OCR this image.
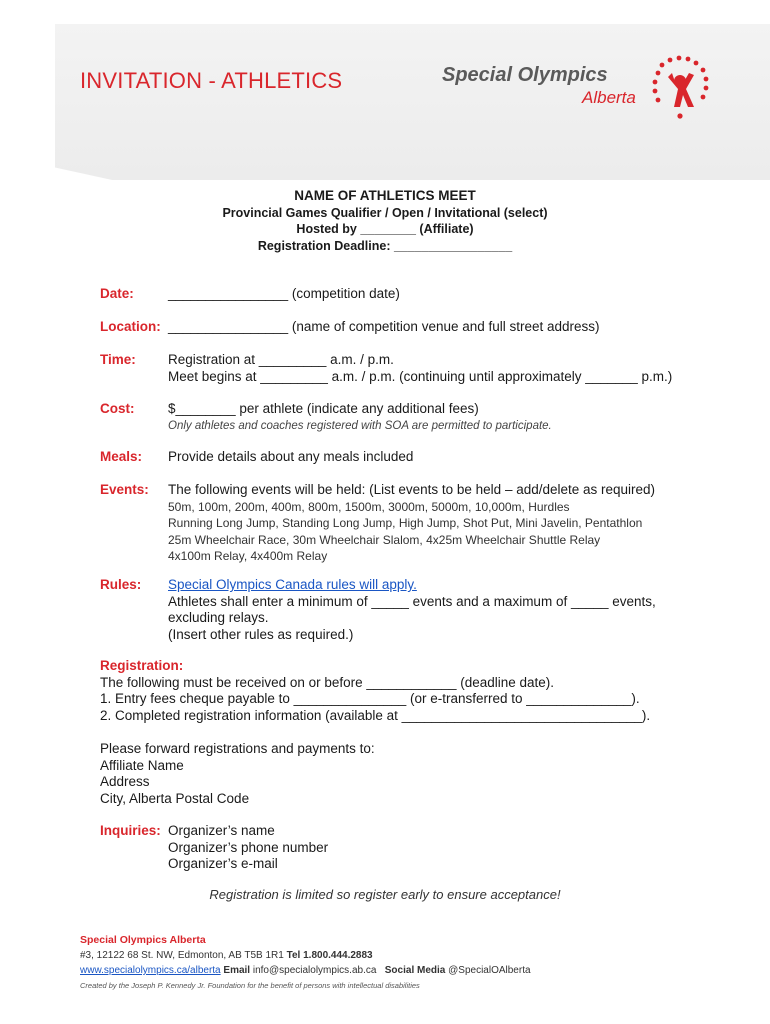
INVITATION - ATHLETICS	Special Olympics
Alberta
NAME OF ATHLETICS MEET
Provincial Games Qualifier / Open / Invitational (select)
Hosted by ________ (Affiliate)
Registration Deadline: _________________
Date:	________________ (competition date)
Location: ________________ (name of competition venue and full street address)
Time: Registration at _________ a.m. / p.m.
Meet begins at _________ a.m. / p.m. (continuing until approximately _______ p.m.)
Cost: $________ per athlete (indicate any additional fees)
Only athletes and coaches registered with SOA are permitted to participate.
Meals: Provide details about any meals included
Events: The following events will be held: (List events to be held – add/delete as required)
50m, 100m, 200m, 400m, 800m, 1500m, 3000m, 5000m, 10,000m, Hurdles
Running Long Jump, Standing Long Jump, High Jump, Shot Put, Mini Javelin, Pentathlon
25m Wheelchair Race, 30m Wheelchair Slalom, 4x25m Wheelchair Shuttle Relay
4x100m Relay, 4x400m Relay
Rules: Special Olympics Canada rules will apply.
Athletes shall enter a minimum of _____ events and a maximum of _____ events,
excluding relays.
(Insert other rules as required.)
Registration:
The following must be received on or before ____________ (deadline date).
1. Entry fees cheque payable to _______________ (or e-transferred to ______________).
2. Completed registration information (available at ________________________________).
Please forward registrations and payments to:
Affiliate Name
Address
City, Alberta Postal Code
Inquiries: Organizer’s name
Organizer’s phone number
Organizer’s e-mail
Registration is limited so register early to ensure acceptance!
Special Olympics Alberta
#3, 12122 68 St. NW, Edmonton, AB T5B 1R1 Tel 1.800.444.2883
www.specialolympics.ca/alberta Email info@specialolympics.ab.ca Social Media @SpecialOAlberta
Created by the Joseph P. Kennedy Jr. Foundation for the benefit of persons with intellectual disabilities
